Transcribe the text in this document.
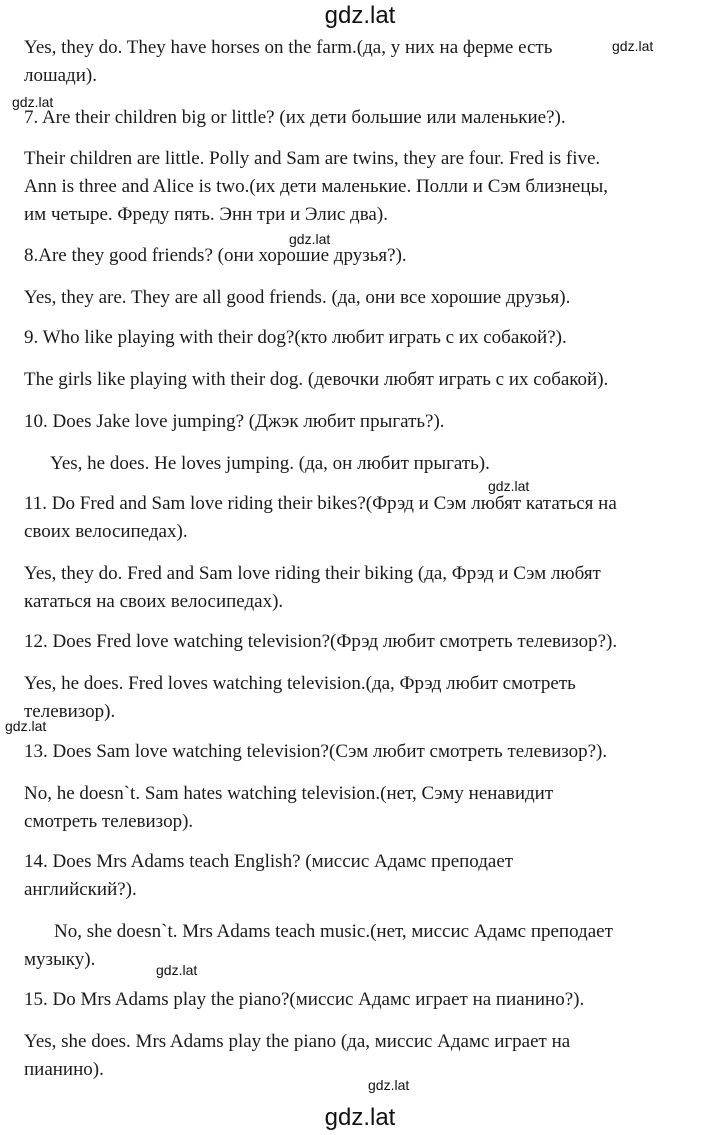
gdz.lat
gdz.lat
gdz.lat
gdz.lat
gdz.lat
gdz.lat
gdz.lat
gdz.lat
Yes, they do. They have horses on the farm.(да, у них на ферме есть
лошади).
7. Are their children big or little? (их дети большие или маленькие?).
Their children are little. Polly and Sam are twins, they are four. Fred is five.
Ann is three and Alice is two.(их дети маленькие. Полли и Сэм близнецы,
им четыре. Фреду пять. Энн три и Элис два).
8.Are they good friends? (они хорошие друзья?).
Yes, they are. They are all good friends. (да, они все хорошие друзья).
9. Who like playing with their dog?(кто любит играть с их собакой?).
The girls like playing with their dog. (девочки любят играть с их собакой).
10. Does Jake love jumping? (Джэк любит прыгать?).
Yes, he does. He loves jumping. (да, он любит прыгать).
11. Do Fred and Sam love riding their bikes?(Фрэд и Сэм любят кататься на
своих велосипедах).
Yes, they do. Fred and Sam love riding their biking (да, Фрэд и Сэм любят
кататься на своих велосипедах).
12. Does Fred love watching television?(Фрэд любит смотреть телевизор?).
Yes, he does. Fred loves watching television.(да, Фрэд любит смотреть
телевизор).
13. Does Sam love watching television?(Сэм любит смотреть телевизор?).
No, he doesn`t. Sam hates watching television.(нет, Сэму ненавидит
смотреть телевизор).
14. Does Mrs Adams teach English? (миссис Адамс преподает
английский?).
No, she doesn`t. Mrs Adams teach music.(нет, миссис Адамс преподает
музыку).
15. Do Mrs Adams play the piano?(миссис Адамс играет на пианино?).
Yes, she does. Mrs Adams play the piano (да, миссис Адамс играет на
пианино).
gdz.lat
